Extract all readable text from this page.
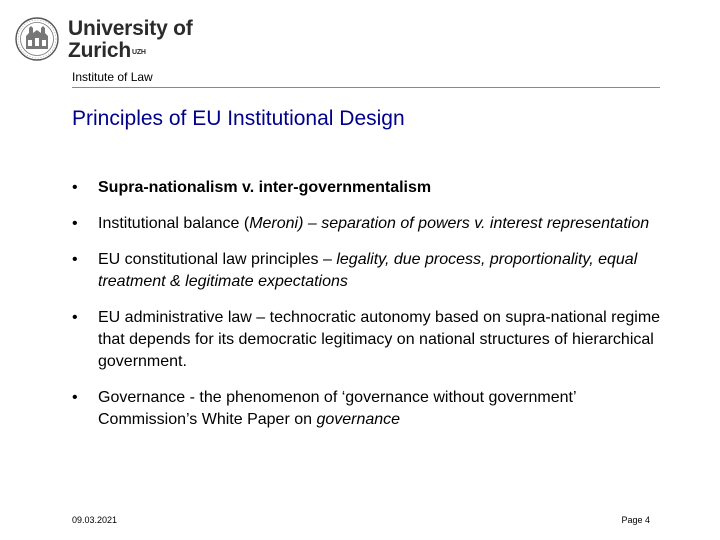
University of
Zurich$^{UZH}$
Institute of Law
Principles of EU Institutional Design
•	Supra-nationalism v. inter-governmentalism
•	Institutional balance (Meroni) – separation of powers v. interest representation
•	EU constitutional law principles – legality, due process, proportionality, equal treatment & legitimate expectations
•	EU administrative law – technocratic autonomy based on supra-national regime that depends for its democratic legitimacy on national structures of hierarchical government.
•	Governance - the phenomenon of ‘governance without government’ Commission’s White Paper on governance
09.03.2021	Page 4
